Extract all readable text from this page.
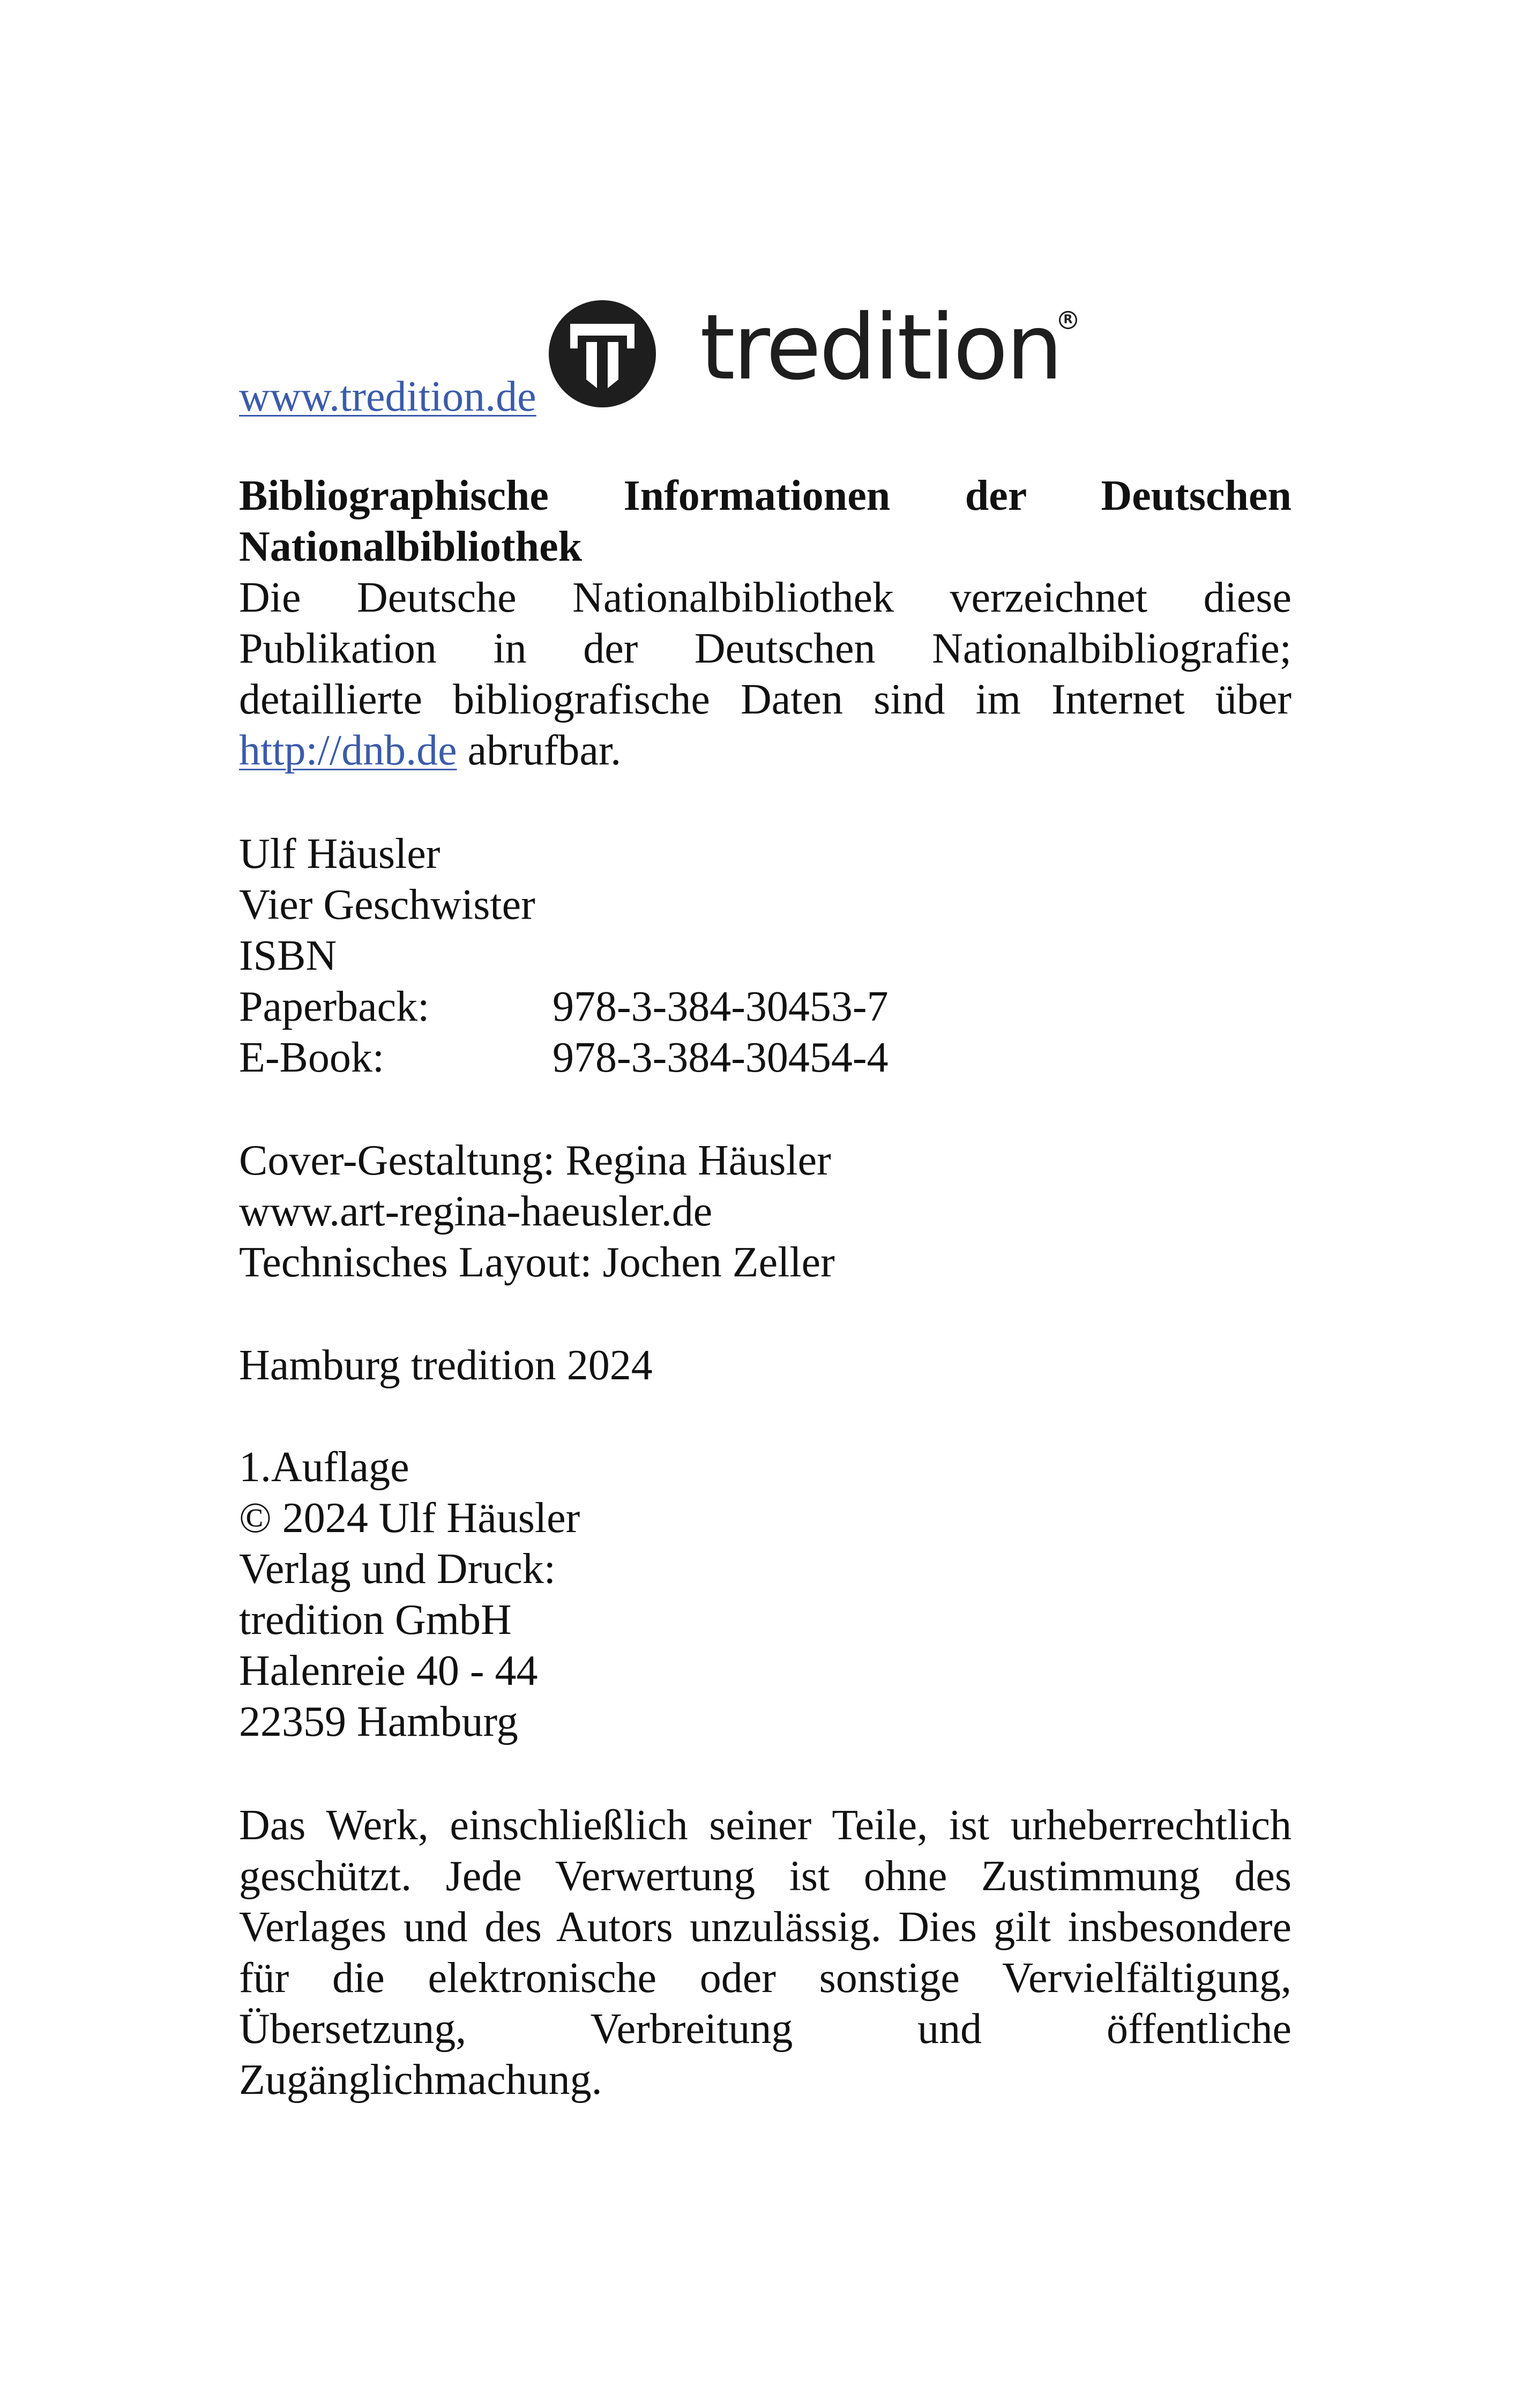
www.tredition.de tredition R
Bibliographische Informationen der Deutschen
Nationalbibliothek
Die Deutsche Nationalbibliothek verzeichnet diese
Publikation in der Deutschen Nationalbibliografie;
detaillierte bibliografische Daten sind im Internet über
http://dnb.de abrufbar.
Ulf Häusler
Vier Geschwister
ISBN
Paperback:	978-3-384-30453-7
E-Book:	978-3-384-30454-4
Cover-Gestaltung: Regina Häusler
www.art-regina-haeusler.de
Technisches Layout: Jochen Zeller
Hamburg tredition 2024
1.Auflage
© 2024 Ulf Häusler
Verlag und Druck:
tredition GmbH
Halenreie 40 - 44
22359 Hamburg
Das Werk, einschließlich seiner Teile, ist urheberrechtlich
geschützt. Jede Verwertung ist ohne Zustimmung des
Verlages und des Autors unzulässig. Dies gilt insbesondere
für die elektronische oder sonstige Vervielfältigung,
Übersetzung, Verbreitung und öffentliche
Zugänglichmachung.
